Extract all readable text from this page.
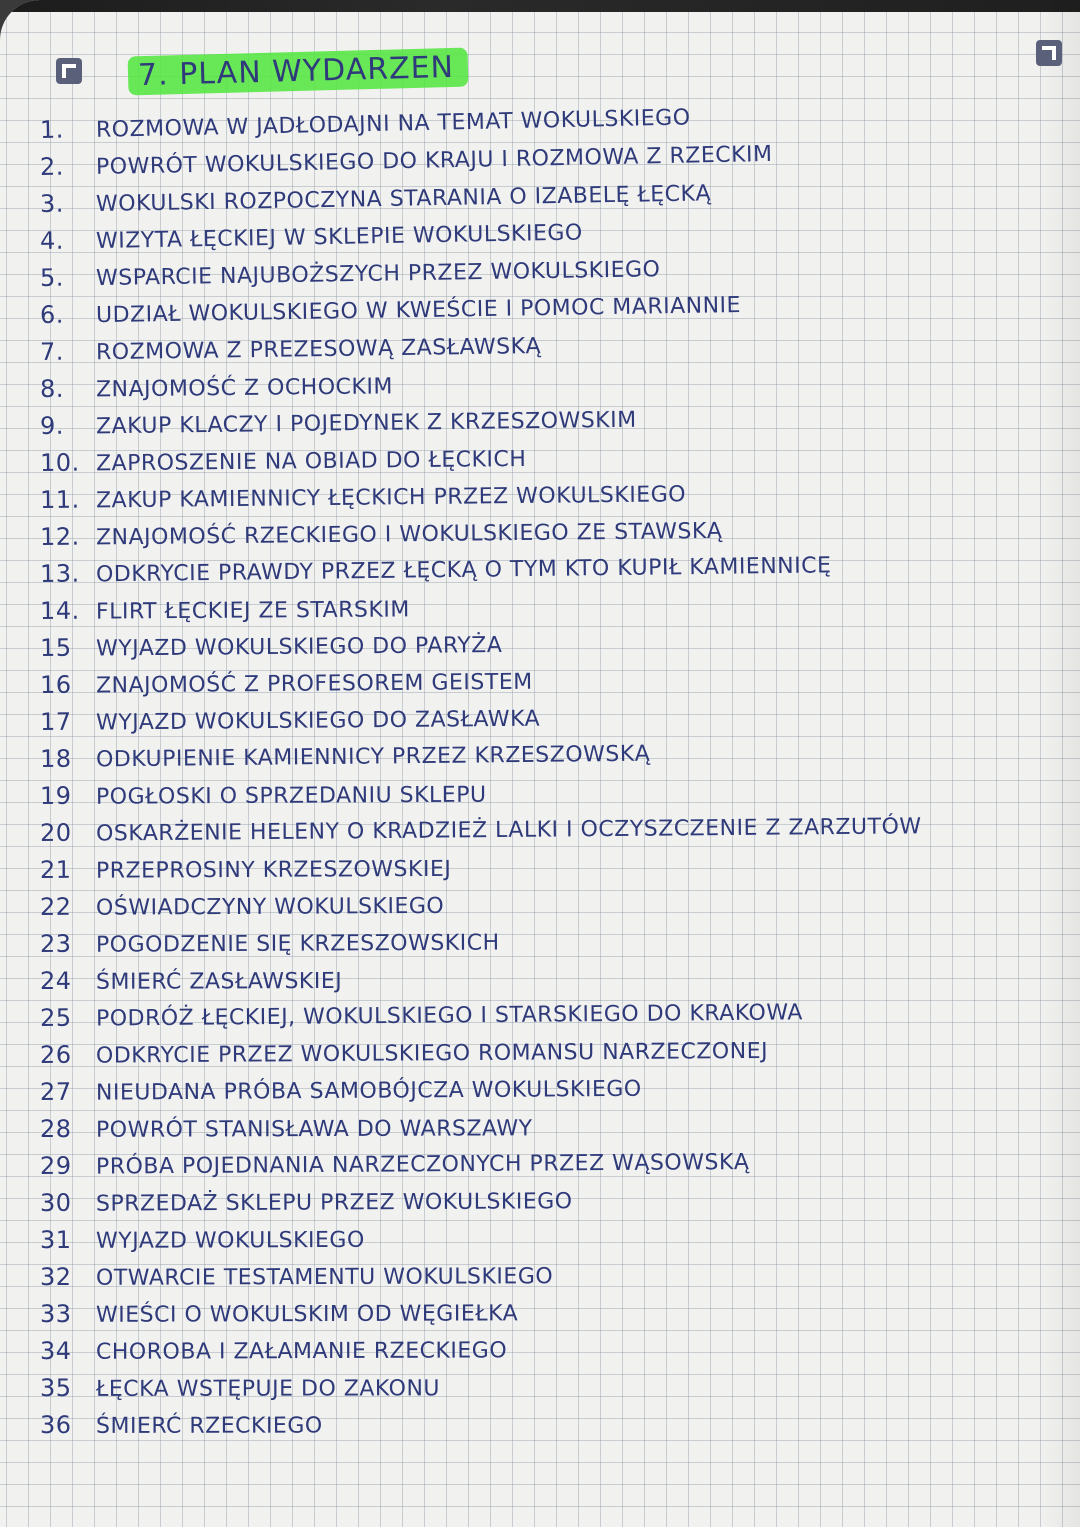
7. PLAN WYDARZEN
1. ROZMOWA W JADŁODAJNI NA TEMAT WOKULSKIEGO
2. POWRÓT WOKULSKIEGO DO KRAJU I ROZMOWA Z RZECKIM
3. WOKULSKI ROZPOCZYNA STARANIA O IZABELĘ ŁĘCKĄ
4. WIZYTA ŁĘCKIEJ W SKLEPIE WOKULSKIEGO
5. WSPARCIE NAJUBOŻSZYCH PRZEZ WOKULSKIEGO
6. UDZIAŁ WOKULSKIEGO W KWEŚCIE I POMOC MARIANNIE
7. ROZMOWA Z PREZESOWĄ ZASŁAWSKĄ
8. ZNAJOMOŚĆ Z OCHOCKIM
9. ZAKUP KLACZY I POJEDYNEK Z KRZESZOWSKIM
10. ZAPROSZENIE NA OBIAD DO ŁĘCKICH
11. ZAKUP KAMIENNICY ŁĘCKICH PRZEZ WOKULSKIEGO
12. ZNAJOMOŚĆ RZECKIEGO I WOKULSKIEGO ZE STAWSKĄ
13. ODKRYCIE PRAWDY PRZEZ ŁĘCKĄ O TYM KTO KUPIŁ KAMIENNICĘ
14. FLIRT ŁĘCKIEJ ZE STARSKIM
15 WYJAZD WOKULSKIEGO DO PARYŻA
16 ZNAJOMOŚĆ Z PROFESOREM GEISTEM
17 WYJAZD WOKULSKIEGO DO ZASŁAWKA
18 ODKUPIENIE KAMIENNICY PRZEZ KRZESZOWSKĄ
19 POGŁOSKI O SPRZEDANIU SKLEPU
20 OSKARŻENIE HELENY O KRADZIEŻ LALKI I OCZYSZCZENIE Z ZARZUTÓW
21 PRZEPROSINY KRZESZOWSKIEJ
22 OŚWIADCZYNY WOKULSKIEGO
23 POGODZENIE SIĘ KRZESZOWSKICH
24 ŚMIERĆ ZASŁAWSKIEJ
25 PODRÓŻ ŁĘCKIEJ, WOKULSKIEGO I STARSKIEGO DO KRAKOWA
26 ODKRYCIE PRZEZ WOKULSKIEGO ROMANSU NARZECZONEJ
27 NIEUDANA PRÓBA SAMOBÓJCZA WOKULSKIEGO
28 POWRÓT STANISŁAWA DO WARSZAWY
29 PRÓBA POJEDNANIA NARZECZONYCH PRZEZ WĄSOWSKĄ
30 SPRZEDAŻ SKLEPU PRZEZ WOKULSKIEGO
31 WYJAZD WOKULSKIEGO
32 OTWARCIE TESTAMENTU WOKULSKIEGO
33 WIEŚCI O WOKULSKIM OD WĘGIEŁKA
34 CHOROBA I ZAŁAMANIE RZECKIEGO
35 ŁĘCKA WSTĘPUJE DO ZAKONU
36 ŚMIERĆ RZECKIEGO
